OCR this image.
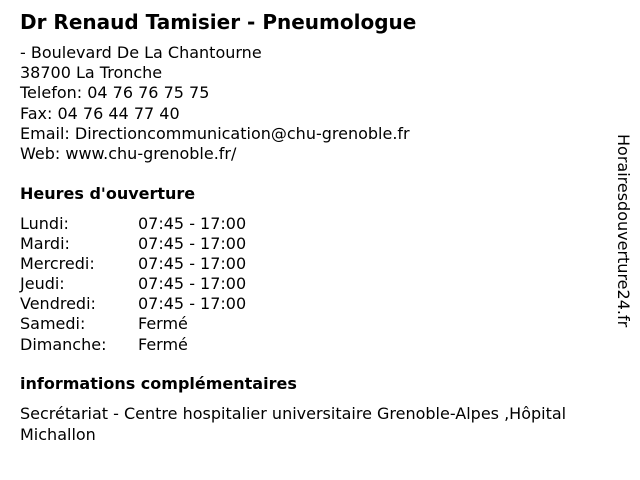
Dr Renaud Tamisier - Pneumologue
- Boulevard De La Chantourne
38700 La Tronche
Telefon: 04 76 76 75 75
Fax: 04 76 44 77 40
Email: Directioncommunication@chu-grenoble.fr
Web: www.chu-grenoble.fr/
Heures d'ouverture
Lundi:	07:45 - 17:00
Mardi:	07:45 - 17:00
Mercredi:	07:45 - 17:00
Jeudi:	07:45 - 17:00
Vendredi:	07:45 - 17:00
Samedi:	Fermé
Dimanche: Fermé
informations complémentaires
Secrétariat - Centre hospitalier universitaire Grenoble-Alpes ,Hôpital Michallon
Horairesdouverture24.fr
